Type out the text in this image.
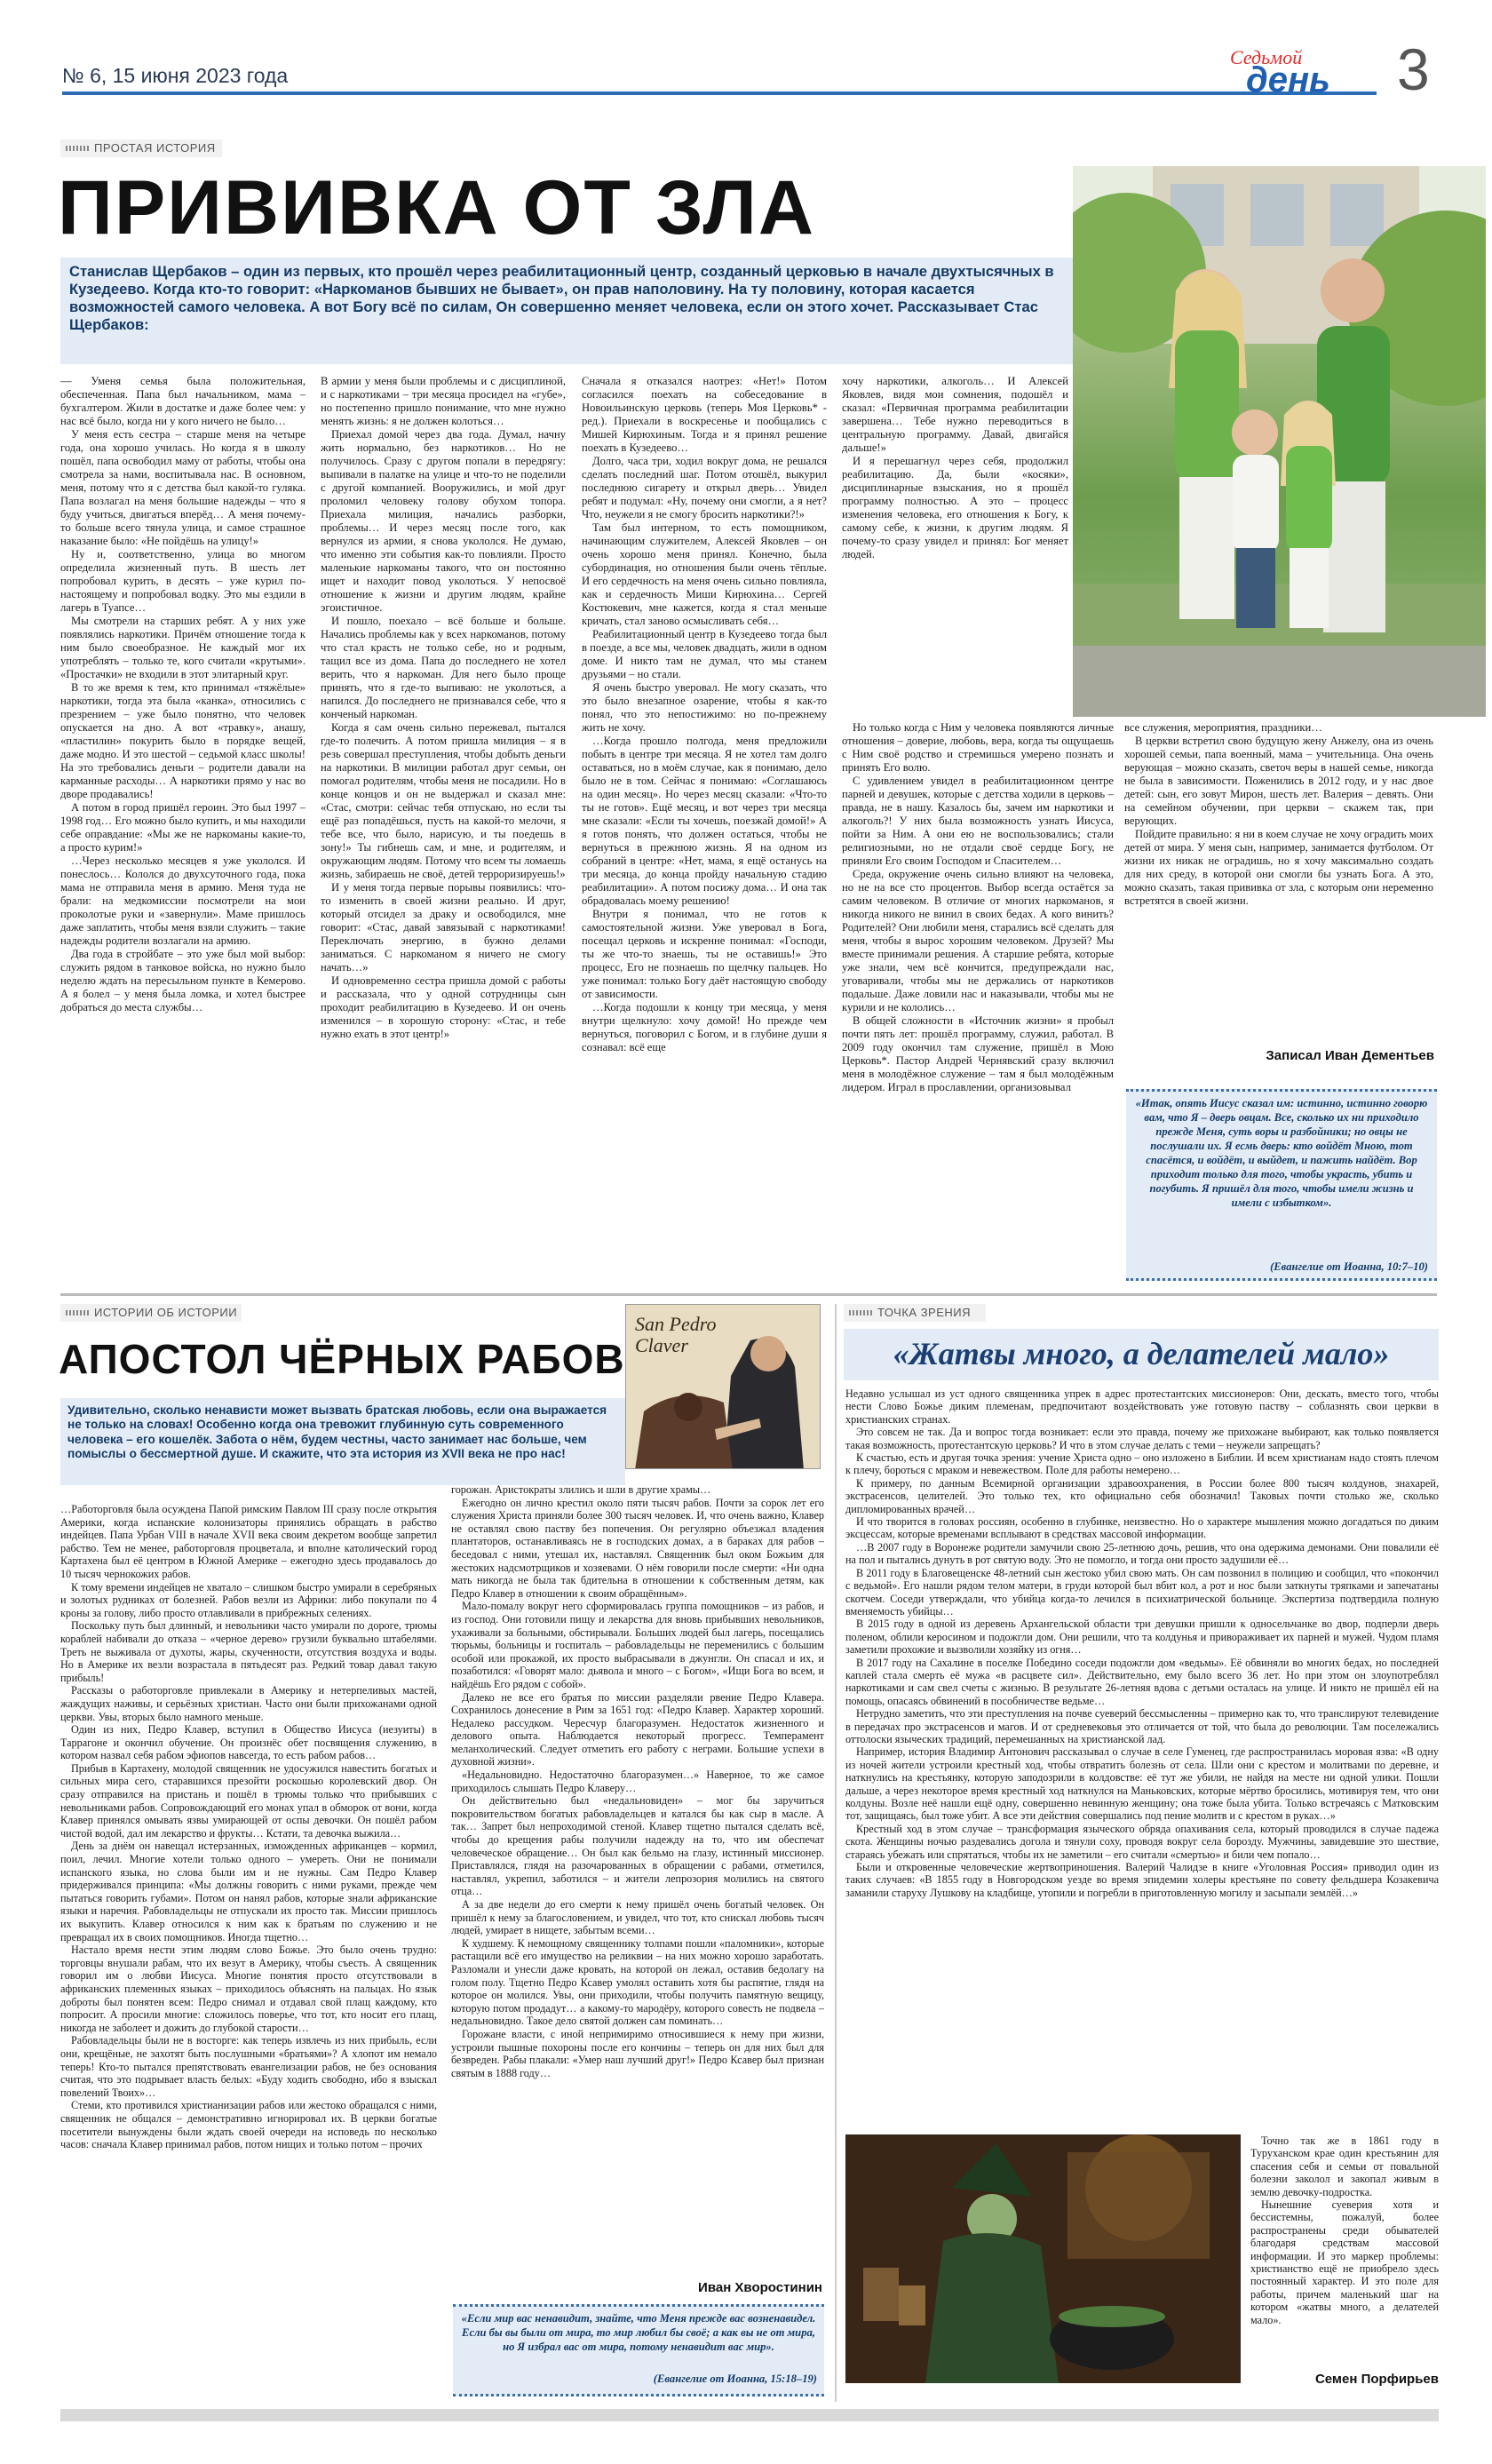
№ 6, 15 июня 2023 года
Седьмой
день 3
ПРОСТАЯ ИСТОРИЯ
ПРИВИВКА ОТ ЗЛА
Станислав Щербаков – один из первых, кто прошёл через реабилитационный центр, созданный церковью в начале двухтысячных в Кузедеево. Когда кто-то говорит: «Наркоманов бывших не бывает», он прав наполовину. На ту половину, которая касается возможностей самого человека. А вот Богу всё по силам, Он совершенно меняет человека, если он этого хочет. Рассказывает Стас Щербаков:

— Уменя семья была положительная, обеспеченная. Папа был начальником, мама – бухгалтером. Жили в достатке и даже более чем: у нас всё было, когда ни у кого ничего не было…

У меня есть сестра – старше меня на четыре года, она хорошо училась. Но когда я в школу пошёл, папа освободил маму от работы, чтобы она смотрела за нами, воспитывала нас. В основном, меня, потому что я с детства был какой-то гуляка. Папа возлагал на меня большие надежды – что я буду учиться, двигаться вперёд… А меня почему-то больше всего тянула улица, и самое страшное наказание было: «Не пойдёшь на улицу!»

Ну и, соответственно, улица во многом определила жизненный путь. В шесть лет попробовал курить, в десять – уже курил по-настоящему и попробовал водку. Это мы ездили в лагерь в Туапсе…

Мы смотрели на старших ребят. А у них уже появлялись наркотики. Причём отношение тогда к ним было своеобразное. Не каждый мог их употреблять – только те, кого считали «крутыми». «Простачки» не входили в этот элитарный круг.

В то же время к тем, кто принимал «тяжёлые» наркотики, тогда эта была «канка», относились с презрением – уже было понятно, что человек опускается на дно. А вот «травку», анашу, «пластилин» покурить было в порядке вещей, даже модно. И это шестой – седьмой класс школы! На это требовались деньги – родители давали на карманные расходы… А наркотики прямо у нас во дворе продавались!

А потом в город пришёл героин. Это был 1997 – 1998 год… Его можно было купить, и мы находили себе оправдание: «Мы же не наркоманы какие-то, а просто курим!»

…Через несколько месяцев я уже укололся. И понеслось… Кололся до двухсуточного года, пока мама не отправила меня в армию. Меня туда не брали: на медкомиссии посмотрели на мои проколотые руки и «завернули». Маме пришлось даже заплатить, чтобы меня взяли служить – такие надежды родители возлагали на армию.

Два года в стройбате – это уже был мой выбор: служить рядом в танковое войска, но нужно было неделю ждать на пересыльном пункте в Кемерово. А я болел – у меня была ломка, и хотел быстрее добраться до места службы…

В армии у меня были проблемы и с дисциплиной, и с наркотиками – три месяца просидел на «губе», но постепенно пришло понимание, что мне нужно менять жизнь: я не должен колоться…

Приехал домой через два года. Думал, начну жить нормально, без наркотиков… Но не получилось. Сразу с другом попали в передрягу: выпивали в палатке на улице и что-то не поделили с другой компанией. Вооружились, и мой друг проломил человеку голову обухом топора. Приехала милиция, начались разборки, проблемы… И через месяц после того, как вернулся из армии, я снова укололся. Не думаю, что именно эти события как-то повлияли. Просто маленькие наркоманы такого, что он постоянно ищет и находит повод уколоться. У непосвоё отношение к жизни и другим людям, крайне эгоистичное.

И пошло, поехало – всё больше и больше. Начались проблемы как у всех наркоманов, потому что стал красть не только себе, но и родным, тащил все из дома. Папа до последнего не хотел верить, что я наркоман. Для него было проще принять, что я где-то выпиваю: не уколоться, а напился. До последнего не признавался себе, что я конченый наркоман.

Когда я сам очень сильно пережевал, пытался где-то полечить. А потом пришла милиция – я в резь совершал преступления, чтобы добыть деньги на наркотики. В милиции работал друг семьи, он помогал родителям, чтобы меня не посадили. Но в конце концов и он не выдержал и сказал мне: «Стас, смотри: сейчас тебя отпускаю, но если ты ещё раз попадёшься, пусть на какой-то мелочи, я тебе все, что было, нарисую, и ты поедешь в зону!» Ты гибнешь сам, и мне, и родителям, и окружающим людям. Потому что всем ты ломаешь жизнь, забираешь не своё, детей терроризируешь!»

И у меня тогда первые порывы появились: что-то изменить в своей жизни реально. И друг, который отсидел за драку и освободился, мне говорит: «Стас, давай завязывай с наркотиками! Переключать энергию, в бужно делами заниматься. С наркоманом я ничего не смогу начать…»

И одновременно сестра пришла домой с работы и рассказала, что у одной сотрудницы сын проходит реабилитацию в Кузедеево. И он очень изменился – в хорошую сторону: «Стас, и тебе нужно ехать в этот центр!»

Сначала я отказался наотрез: «Нет!» Потом согласился поехать на собеседование в Новоильинскую церковь (теперь Моя Церковь* - ред.). Приехали в воскресенье и пообщались с Мишей Кирюхиным. Тогда и я принял решение поехать в Кузедеево…

Долго, часа три, ходил вокруг дома, не решался сделать последний шаг. Потом отошёл, выкурил последнюю сигарету и открыл дверь… Увидел ребят и подумал: «Ну, почему они смогли, а я нет? Что, неужели я не смогу бросить наркотики?!»

Там был интерном, то есть помощником, начинающим служителем, Алексей Яковлев – он очень хорошо меня принял. Конечно, была субординация, но отношения были очень тёплые. И его сердечность на меня очень сильно повлияла, как и сердечность Миши Кирюхина… Сергей Костюкевич, мне кажется, когда я стал меньше кричать, стал заново осмысливать себя…

Реабилитационный центр в Кузедеево тогда был в поезде, а все мы, человек двадцать, жили в одном доме. И никто там не думал, что мы станем друзьями – но стали.

Я очень быстро уверовал. Не могу сказать, что это было внезапное озарение, чтобы я как-то понял, что это непостижимо: но по-прежнему жить не хочу.

…Когда прошло полгода, меня предложили побыть в центре три месяца. Я не хотел там долго оставаться, но в моём случае, как я понимаю, дело было не в том. Сейчас я понимаю: «Соглашаюсь на один месяц». Но через месяц сказали: «Что-то ты не готов». Ещё месяц, и вот через три месяца мне сказали: «Если ты хочешь, поезжай домой!» А я готов понять, что должен остаться, чтобы не вернуться в прежнюю жизнь. Я на одном из собраний в центре: «Нет, мама, я ещё останусь на три месяца, до конца пройду начальную стадию реабилитации». А потом посижу дома… И она так обрадовалась моему решению!

Внутри я понимал, что не готов к самостоятельной жизни. Уже уверовал в Бога, посещал церковь и искренне понимал: «Господи, ты же что-то знаешь, ты не оставишь!» Это процесс, Его не познаешь по щелчку пальцев. Но уже понимал: только Богу даёт настоящую свободу от зависимости.

…Когда подошли к концу три месяца, у меня внутри щелкнуло: хочу домой! Но прежде чем вернуться, поговорил с Богом, и в глубине души я сознавал: всё еще

хочу наркотики, алкоголь… И Алексей Яковлев, видя мои сомнения, подошёл и сказал: «Первичная программа реабилитации завершена… Тебе нужно переводиться в центральную программу. Давай, двигайся дальше!»

И я перешагнул через себя, продолжил реабилитацию. Да, были «косяки», дисциплинарные взыскания, но я прошёл программу полностью. А это – процесс изменения человека, его отношения к Богу, к самому себе, к жизни, к другим людям. Я почему-то сразу увидел и принял: Бог меняет людей.

Но только когда с Ним у человека появляются личные отношения – доверие, любовь, вера, когда ты ощущаешь с Ним своё родство и стремишься умерено познать и принять Его волю.

С удивлением увидел в реабилитационном центре парней и девушек, которые с детства ходили в церковь – правда, не в нашу. Казалось бы, зачем им наркотики и алкоголь?! У них была возможность узнать Иисуса, пойти за Ним. А они ею не воспользовались; стали религиозными, но не отдали своё сердце Богу, не приняли Его своим Господом и Спасителем…

Среда, окружение очень сильно влияют на человека, но не на все сто процентов. Выбор всегда остаётся за самим человеком. В отличие от многих наркоманов, я никогда никого не винил в своих бедах. А кого винить? Родителей? Они любили меня, старались всё сделать для меня, чтобы я вырос хорошим человеком. Друзей? Мы вместе принимали решения. А старшие ребята, которые уже знали, чем всё кончится, предупреждали нас, уговаривали, чтобы мы не держались от наркотиков подальше. Даже ловили нас и наказывали, чтобы мы не курили и не кололись…

В общей сложности в «Источник жизни» я пробыл почти пять лет: прошёл программу, служил, работал. В 2009 году окончил там служение, пришёл в Мою Церковь*. Пастор Андрей Чернявский сразу включил меня в молодёжное служение – там я был молодёжным лидером. Играл в прославлении, организовывал

все служения, мероприятия, праздники…

В церкви встретил свою будущую жену Анжелу, она из очень хорошей семьи, папа военный, мама – учительница. Она очень верующая – можно сказать, светоч веры в нашей семье, никогда не была в зависимости. Поженились в 2012 году, и у нас двое детей: сын, его зовут Мирон, шесть лет. Валерия – девять. Они на семейном обучении, при церкви – скажем так, при верующих.

Пойдите правильно: я ни в коем случае не хочу оградить моих детей от мира. У меня сын, например, занимается футболом. От жизни их никак не оградишь, но я хочу максимально создать для них среду, в которой они смогли бы узнать Бога. А это, можно сказать, такая прививка от зла, с которым они неременно встретятся в своей жизни.

Записал Иван Дементьев
«Итак, опять Иисус сказал им: истинно, истинно говорю вам, что Я – дверь овцам. Все, сколько их ни приходило прежде Меня, суть воры и разбойники; но овцы не послушали их. Я есмь дверь: кто войдёт Мною, тот спасётся, и войдёт, и выйдет, и пажить найдёт. Вор приходит только для того, чтобы украсть, убить и погубить. Я пришёл для того, чтобы имели жизнь и имели с избытком».
(Евангелие от Иоанна, 10:7–10)
ИСТОРИИ ОБ ИСТОРИИ
АПОСТОЛ ЧЁРНЫХ РАБОВ
San Pedro Claver
Удивительно, сколько ненависти может вызвать братская любовь, если она выражается не только на словах! Особенно когда она тревожит глубинную суть современного человека – его кошелёк. Забота о нём, будем честны, часто занимает нас больше, чем помыслы о бессмертной душе. И скажите, что эта история из XVII века не про нас!

…Работорговля была осуждена Папой римским Павлом III сразу после открытия Америки, когда испанские колонизаторы принялись обращать в рабство индейцев. Папа Урбан VIII в начале XVII века своим декретом вообще запретил рабство. Тем не менее, работорговля процветала, и вполне католический город Картахена был её центром в Южной Америке – ежегодно здесь продавалось до 10 тысяч чернокожих рабов.

К тому времени индейцев не хватало – слишком быстро умирали в серебряных и золотых рудниках от болезней. Рабов везли из Африки: либо покупали по 4 кроны за голову, либо просто отлавливали в прибрежных селениях.

Поскольку путь был длинный, и невольники часто умирали по дороге, трюмы кораблей набивали до отказа – «черное дерево» грузили буквально штабелями. Треть не выживала от духоты, жары, скученности, отсутствия воздуха и воды. Но в Америке их везли возрастала в пятьдесят раз. Редкий товар давал такую прибыль!

Рассказы о работорговле привлекали в Америку и нетерпеливых мастей, жаждущих наживы, и серьёзных христиан. Часто они были прихожанами одной церкви. Увы, вторых было намного меньше.

Один из них, Педро Клавер, вступил в Общество Иисуса (иезуиты) в Таррагоне и окончил обучение. Он произнёс обет посвящения служению, в котором назвал себя рабом эфиопов навсегда, то есть рабом рабов…

Прибыв в Картахену, молодой священник не удосужился навестить богатых и сильных мира сего, старавшихся презойти роскошью королевский двор. Он сразу отправился на пристань и пошёл в трюмы только что прибывших с невольниками рабов. Сопровождающий его монах упал в обморок от вони, когда Клавер принялся омывать язвы умирающей от оспы девочки. Он пошёл рабом чистой водой, дал им лекарство и фрукты… Кстати, та девочка выжила…

День за днём он навещал истерзанных, изможденных африканцев – кормил, поил, лечил. Многие хотели только одного – умереть. Они не понимали испанского языка, но слова были им и не нужны. Сам Педро Клавер придерживался принципа: «Мы должны говорить с ними руками, прежде чем пытаться говорить губами». Потом он нанял рабов, которые знали африканские языки и наречия. Рабовладельцы не отпускали их просто так. Миссии пришлось их выкупить. Клавер относился к ним как к братьям по служению и не превращал их в своих помощников. Иногда тщетно…

Настало время нести этим людям слово Божье. Это было очень трудно: торговцы внушали рабам, что их везут в Америку, чтобы съесть. А священник говорил им о любви Иисуса. Многие понятия просто отсутствовали в африканских племенных языках – приходилось объяснять на пальцах. Но язык доброты был понятен всем: Педро снимал и отдавал свой плащ каждому, кто попросит. А просили многие: сложилось поверье, что тот, кто носит его плащ, никогда не заболеет и дожить до глубокой старости…

Рабовладельцы были не в восторге: как теперь извлечь из них прибыль, если они, крещёные, не захотят быть послушными «братьями»? А хлопот им немало теперь! Кто-то пытался препятствовать евангелизации рабов, не без основания считая, что это подрывает власть белых: «Буду ходить свободно, ибо я взыскал повелений Твоих»…

Стеми, кто противился христианизации рабов или жестоко обращался с ними, священник не общался – демонстративно игнорировал их. В церкви богатые посетители вынуждены были ждать своей очереди на исповедь по несколько часов: сначала Клавер принимал рабов, потом нищих и только потом – прочих

горожан. Аристократы злились и шли в другие храмы…

Ежегодно он лично крестил около пяти тысяч рабов. Почти за сорок лет его служения Христа приняли более 300 тысяч человек. И, что очень важно, Клавер не оставлял свою паству без попечения. Он регулярно объезжал владения плантаторов, останавливаясь не в господских домах, а в бараках для рабов – беседовал с ними, утешал их, наставлял. Священник был оком Божьим для жестоких надсмотрщиков и хозяевами. О нём говорили после смерти: «Ни одна мать никогда не была так бдительна в отношении к собственным детям, как Педро Клавер в отношении к своим обращённым».

Мало-помалу вокруг него сформировалась группа помощников – из рабов, и из господ. Они готовили пищу и лекарства для вновь прибывших невольников, ухаживали за больными, обстирывали. Больших людей был лагерь, посещались тюрьмы, больницы и госпиталь – рабовладельцы не переменились с большим особой или прокажой, их просто выбрасывали в джунгли. Он спасал и их, и позаботился: «Говорят мало: дьявола и много – с Богом», «Ищи Бога во всем, и найдёшь Его рядом с собой».

Далеко не все его братья по миссии разделяли рвение Педро Клавера. Сохранилось донесение в Рим за 1651 год: «Педро Клавер. Характер хороший. Недалеко рассудком. Чересчур благоразумен. Недостаток жизненного и делового опыта. Наблюдается некоторый прогресс. Темперамент меланхолический. Следует отметить его работу с неграми. Большие успехи в духовной жизни».

«Недальновидно. Недостаточно благоразумен…» Наверное, то же самое приходилось слышать Педро Клаверу…

Он действительно был «недальновиден» – мог бы заручиться покровительством богатых рабовладельцев и катался бы как сыр в масле. А так… Запрет был непроходимой стеной. Клавер тщетно пытался сделать всё, чтобы до крещения рабы получили надежду на то, что им обеспечат человеческое обращение… Он был как бельмо на глазу, истинный миссионер. Приставлялся, глядя на разочарованных в обращении с рабами, отметился, наставлял, укрепил, заботился – и жители лепрозория молились на святого отца…

А за две недели до его смерти к нему пришёл очень богатый человек. Он пришёл к нему за благословением, и увидел, что тот, кто снискал любовь тысяч людей, умирает в нищете, забытым всеми…

К худшему. К немощному священнику толпами пошли «паломники», которые растащили всё его имущество на реликвии – на них можно хорошо заработать. Разломали и унесли даже кровать, на которой он лежал, оставив бедолагу на голом полу. Тщетно Педро Ксавер умолял оставить хотя бы распятие, глядя на которое он молился. Увы, они приходили, чтобы получить памятную вещицу, которую потом продадут… а какому-то мародёру, которого совесть не подвела – недальновидно. Такое дело святой должен сам поминать…

Горожане власти, с иной непримиримо относившиеся к нему при жизни, устроили пышные похороны после его кончины – теперь он для них был для безвреден. Рабы плакали: «Умер наш лучший друг!» Педро Ксавер был признан святым в 1888 году…

Иван Хворостинин
«Если мир вас ненавидит, знайте, что Меня прежде вас возненавидел. Если бы вы были от мира, то мир любил бы своё; а как вы не от мира, но Я избрал вас от мира, потому ненавидит вас мир».
(Евангелие от Иоанна, 15:18–19)
ТОЧКА ЗРЕНИЯ
«Жатвы много, а делателей мало»

Недавно услышал из уст одного священника упрек в адрес протестантских миссионеров: Они, дескать, вместо того, чтобы нести Слово Божье диким племенам, предпочитают воздействовать уже готовую паству – соблазнять свои церкви в христианских странах.

Это совсем не так. Да и вопрос тогда возникает: если это правда, почему же прихожане выбирают, как только появляется такая возможность, протестантскую церковь? И что в этом случае делать с теми – неужели запрещать?

К счастью, есть и другая точка зрения: учение Христа одно – оно изложено в Библии. И всем христианам надо стоять плечом к плечу, бороться с мраком и невежеством. Поле для работы немерено…

К примеру, по данным Всемирной организации здравоохранения, в России более 800 тысяч колдунов, знахарей, экстрасенсов, целителей. Это только тех, кто официально себя обозначил! Таковых почти столько же, сколько дипломированных врачей…

И что творится в головах россиян, особенно в глубинке, неизвестно. Но о характере мышления можно догадаться по диким эксцессам, которые временами всплывают в средствах массовой информации.

…В 2007 году в Воронеже родители замучили свою 25-летнюю дочь, решив, что она одержима демонами. Они повалили её на пол и пытались дунуть в рот святую воду. Это не помогло, и тогда они просто задушили её…

В 2011 году в Благовещенске 48-летний сын жестоко убил свою мать. Он сам позвонил в полицию и сообщил, что «покончил с ведьмой». Его нашли рядом телом матери, в груди которой был вбит кол, а рот и нос были заткнуты тряпками и запечатаны скотчем. Соседи утверждали, что убийца когда-то лечился в психиатрической больнице. Экспертиза подтвердила полную вменяемость убийцы…

В 2015 году в одной из деревень Архангельской области три девушки пришли к односельчанке во двор, подперли дверь поленом, облили керосином и подожгли дом. Они решили, что та колдунья и привораживает их парней и мужей. Чудом пламя заметили прохожие и вызволили хозяйку из огня…

В 2017 году на Сахалине в поселке Победино соседи подожгли дом «ведьмы». Её обвиняли во многих бедах, но последней каплей стала смерть её мужа «в расцвете сил». Действительно, ему было всего 36 лет. Но при этом он злоупотреблял наркотиками и сам свел счеты с жизнью. В результате 26-летняя вдова с детьми осталась на улице. И никто не пришёл ей на помощь, опасаясь обвинений в пособничестве ведьме…

Нетрудно заметить, что эти преступления на почве суеверий бессмысленны – примерно как то, что транслируют телевидение в передачах про экстрасенсов и магов. И от средневековья это отличается от той, что была до революции. Там посележались оттолоски языческих традиций, перемешанных на христианской лад.

Например, история Владимир Антонович рассказывал о случае в селе Гуменец, где распространилась моровая язва: «В одну из ночей жители устроили крестный ход, чтобы отвратить болезнь от села. Шли они с крестом и молитвами по деревне, и наткнулись на крестьянку, которую заподозрили в колдовстве: её тут же убили, не найдя на месте ни одной улики. Пошли дальше, а через некоторое время крестный ход наткнулся на Маньковских, которые мёртво бросились, мотивируя тем, что они колдуны. Возле неё нашли ещё одну, совершенно невинную женщину; она тоже была убита. Только встречаясь с Матковским тот, защищаясь, был тоже убит. А все эти действия совершались под пение молитв и с крестом в руках…»

Крестный ход в этом случае – трансформация языческого обряда опахивания села, который проводился в случае падежа скота. Женщины ночью раздевались догола и тянули соху, проводя вокруг села борозду. Мужчины, завидевшие это шествие, стараясь убежать или спрятаться, чтобы их не заметили – его считали «смертью» и били чем попало…

Были и откровенные человеческие жертвоприношения. Валерий Чалидзе в книге «Уголовная Россия» приводил один из таких случаев: «В 1855 году в Новгородском уезде во время эпидемии холеры крестьяне по совету фельдшера Козакевича заманили старуху Лушкову на кладбище, утопили и погребли в приготовленную могилу и засыпали землёй…»

Точно так же в 1861 году в Туруханском крае один крестьянин для спасения себя и семьи от повальной болезни заколол и закопал живым в землю девочку-подростка.

Нынешние суеверия хотя и бессистемны, пожалуй, более распространены среди обывателей благодаря средствам массовой информации. И это маркер проблемы: христианство ещё не приобрело здесь постоянный характер. И это поле для работы, причем маленький шаг на котором «жатвы много, а делателей мало».

Семен Порфирьев
